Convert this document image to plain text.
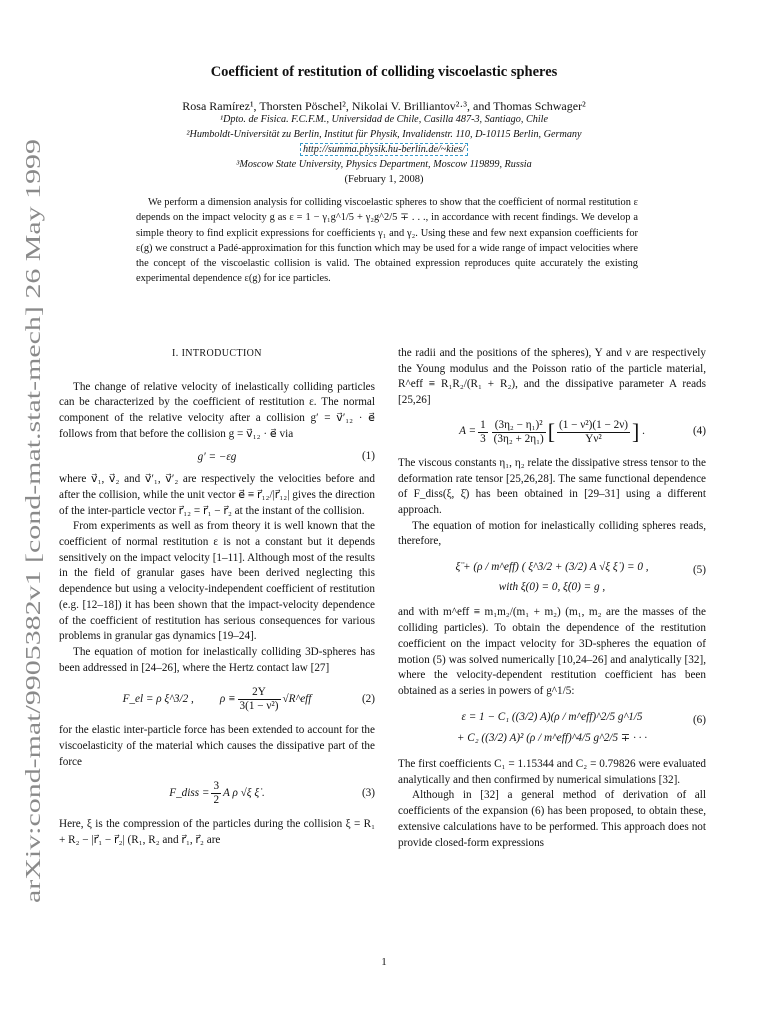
arXiv:cond-mat/9905382v1 [cond-mat.stat-mech] 26 May 1999
Coefficient of restitution of colliding viscoelastic spheres
Rosa Ramírez¹, Thorsten Pöschel², Nikolai V. Brilliantov²·³, and Thomas Schwager²
¹Dpto. de Fisica. F.C.F.M., Universidad de Chile, Casilla 487-3, Santiago, Chile
²Humboldt-Universität zu Berlin, Institut für Physik, Invalidenstr. 110, D-10115 Berlin, Germany
http://summa.physik.hu-berlin.de/~kies/
³Moscow State University, Physics Department, Moscow 119899, Russia
(February 1, 2008)
We perform a dimension analysis for colliding viscoelastic spheres to show that the coefficient of normal restitution ε depends on the impact velocity g as ε = 1 − γ₁g^1/5 + γ₂g^2/5 ∓ . . ., in accordance with recent findings. We develop a simple theory to find explicit expressions for coefficients γ₁ and γ₂. Using these and few next expansion coefficients for ε(g) we construct a Padé-approximation for this function which may be used for a wide range of impact velocities where the concept of the viscoelastic collision is valid. The obtained expression reproduces quite accurately the existing experimental dependence ε(g) for ice particles.
I. INTRODUCTION

The change of relative velocity of inelastically colliding particles can be characterized by the coefficient of restitution ε. The normal component of the relative velocity after a collision g′ = v⃗′₁₂ · e⃗ follows from that before the collision g = v⃗₁₂ · e⃗ via

g′ = −εg	(1)

where v⃗₁, v⃗₂ and v⃗′₁, v⃗′₂ are respectively the velocities before and after the collision, while the unit vector e⃗ ≡ r⃗₁₂/|r⃗₁₂| gives the direction of the inter-particle vector r⃗₁₂ = r⃗₁ − r⃗₂ at the instant of the collision.

From experiments as well as from theory it is well known that the coefficient of normal restitution ε is not a constant but it depends sensitively on the impact velocity [1–11]. Although most of the results in the field of granular gases have been derived neglecting this dependence but using a velocity-independent coefficient of restitution (e.g. [12–18]) it has been shown that the impact-velocity dependence of the coefficient of restitution has serious consequences for various problems in granular gas dynamics [19–24].

The equation of motion for inelastically colliding 3D-spheres has been addressed in [24–26], where the Hertz contact law [27]

F_el = ρ ξ^3/2 , $\rho \equiv \frac{2Y}{\text{3(1 − ν²)}}$ √R^eff	(2)

for the elastic inter-particle force has been extended to account for the viscoelasticity of the material which causes the dissipative part of the force

F_diss = $\frac{3}{2}$ A ρ √ξ ξ̇ .	(3)

Here, ξ is the compression of the particles during the collision ξ = R₁ + R₂ − |r⃗₁ − r⃗₂| (R₁, R₂ and r⃗₁, r⃗₂ are

the radii and the positions of the spheres), Y and ν are respectively the Young modulus and the Poisson ratio of the particle material, R^eff ≡ R₁R₂/(R₁ + R₂), and the dissipative parameter A reads [25,26]

$A = \frac{1}{3} \frac{\text{(3η₂ − η₁)²}}{\text{(3η₂ + 2η₁)}}$ [ $\frac{\text{(1 − ν²)(1 − 2ν)}}{\text{Yν²}}$ ] .	(4)

The viscous constants η₁, η₂ relate the dissipative stress tensor to the deformation rate tensor [25,26,28]. The same functional dependence of F_diss(ξ, ξ̇) has been obtained in [29–31] using a different approach.

The equation of motion for inelastically colliding spheres reads, therefore,

ξ̈ + (ρ / m^eff) ( ξ^3/2 + (3/2) A √ξ ξ̇ ) = 0 ,
with ξ(0) = 0, ξ̇(0) = g ,
(5)

and with m^eff ≡ m₁m₂/(m₁ + m₂) (m₁, m₂ are the masses of the colliding particles). To obtain the dependence of the restitution coefficient on the impact velocity for 3D-spheres the equation of motion (5) was solved numerically [10,24–26] and analytically [32], where the velocity-dependent restitution coefficient has been obtained as a series in powers of g^1/5:

ε = 1 − C₁ ((3/2) A)(ρ / m^eff)^2/5 g^1/5
+ C₂ ((3/2) A)² (ρ / m^eff)^4/5 g^2/5 ∓ · · ·
(6)

The first coefficients C₁ = 1.15344 and C₂ = 0.79826 were evaluated analytically and then confirmed by numerical simulations [32].

Although in [32] a general method of derivation of all coefficients of the expansion (6) has been proposed, to obtain these, extensive calculations have to be performed. This approach does not provide closed-form expressions

1
